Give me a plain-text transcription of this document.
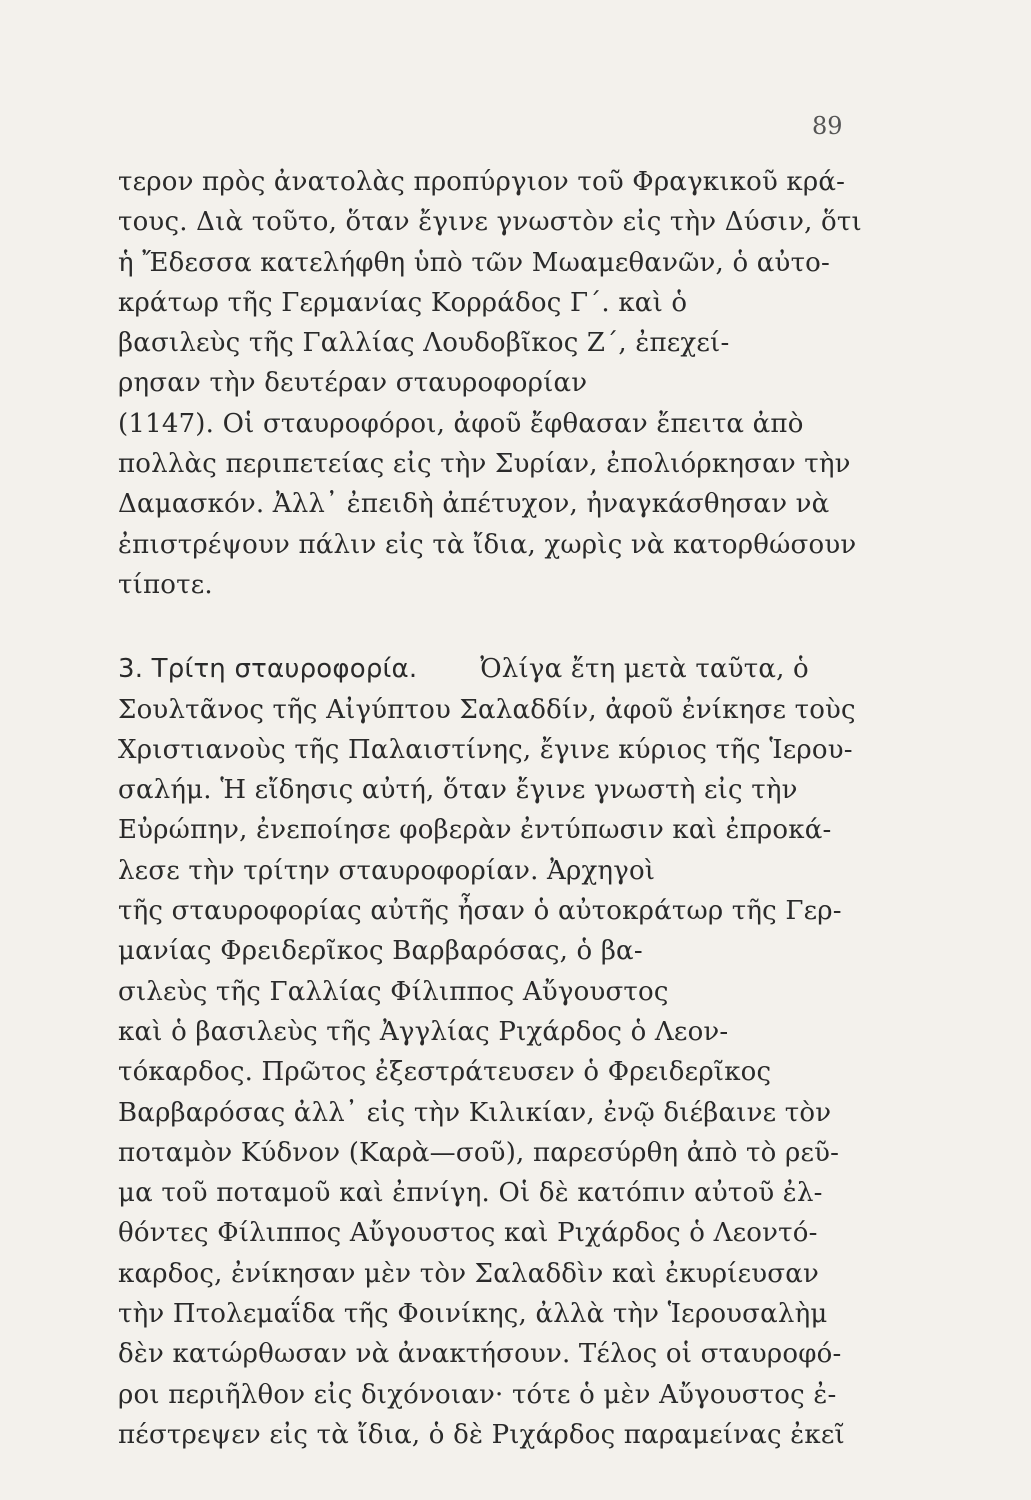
89
τερον πρὸς ἀνατολὰς προπύργιον τοῦ Φραγκικοῦ κρά-
τους. Διὰ τοῦτο, ὅταν ἔγινε γνωστὸν εἰς τὴν Δύσιν, ὅτι
ἡ Ἔδεσσα κατελήφθη ὑπὸ τῶν Μωαμεθανῶν, ὁ αὐτο-
κράτωρ τῆς Γερμανίας Κορράδος Γ΄. καὶ ὁ
βασιλεὺς τῆς Γαλλίας Λουδοβῖκος Ζ΄, ἐπεχεί-
ρησαν τὴν δευτέραν σταυροφορίαν
(1147). Οἱ σταυροφόροι, ἀφοῦ ἔφθασαν ἔπειτα ἀπὸ
πολλὰς περιπετείας εἰς τὴν Συρίαν, ἐπολιόρκησαν τὴν
Δαμασκόν. Ἀλλ᾿ ἐπειδὴ ἀπέτυχον, ἠναγκάσθησαν νὰ
ἐπιστρέψουν πάλιν εἰς τὰ ἴδια, χωρὶς νὰ κατορθώσουν
τίποτε.
3. Τρίτη σταυροφορία. Ὀλίγα ἔτη μετὰ ταῦτα, ὁ
Σουλτᾶνος τῆς Αἰγύπτου Σαλαδδίν, ἀφοῦ ἐνίκησε τοὺς
Χριστιανοὺς τῆς Παλαιστίνης, ἔγινε κύριος τῆς Ἱερου-
σαλήμ. Ἡ εἴδησις αὐτή, ὅταν ἔγινε γνωστὴ εἰς τὴν
Εὐρώπην, ἐνεποίησε φοβερὰν ἐντύπωσιν καὶ ἐπροκά-
λεσε τὴν τρίτην σταυροφορίαν. Ἀρχηγοὶ
τῆς σταυροφορίας αὐτῆς ἦσαν ὁ αὐτοκράτωρ τῆς Γερ-
μανίας Φρειδερῖκος Βαρβαρόσας, ὁ βα-
σιλεὺς τῆς Γαλλίας Φίλιππος Αὔγουστος
καὶ ὁ βασιλεὺς τῆς Ἀγγλίας Ριχάρδος ὁ Λεον-
τόκαρδος. Πρῶτος ἐξεστράτευσεν ὁ Φρειδερῖκος
Βαρβαρόσας ἀλλ᾿ εἰς τὴν Κιλικίαν, ἐνῷ διέβαινε τὸν
ποταμὸν Κύδνον (Καρὰ—σοῦ), παρεσύρθη ἀπὸ τὸ ρεῦ-
μα τοῦ ποταμοῦ καὶ ἐπνίγη. Οἱ δὲ κατόπιν αὐτοῦ ἐλ-
θόντες Φίλιππος Αὔγουστος καὶ Ριχάρδος ὁ Λεοντό-
καρδος, ἐνίκησαν μὲν τὸν Σαλαδδὶν καὶ ἐκυρίευσαν
τὴν Πτολεμαΐδα τῆς Φοινίκης, ἀλλὰ τὴν Ἱερουσαλὴμ
δὲν κατώρθωσαν νὰ ἀνακτήσουν. Τέλος οἱ σταυροφό-
ροι περιῆλθον εἰς διχόνοιαν· τότε ὁ μὲν Αὔγουστος ἐ-
πέστρεψεν εἰς τὰ ἴδια, ὁ δὲ Ριχάρδος παραμείνας ἐκεῖ
